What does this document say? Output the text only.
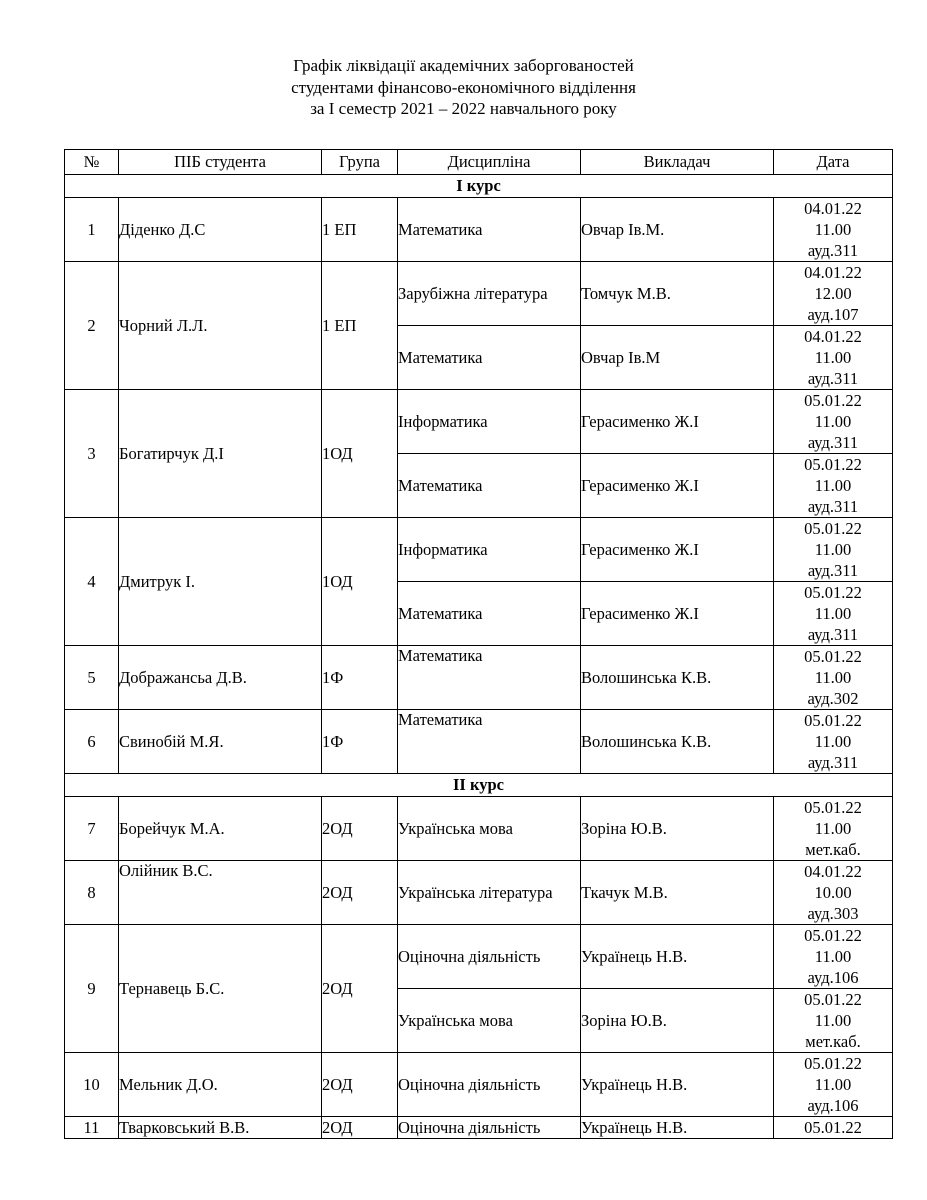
Графік ліквідації академічних заборгованостей
студентами фінансово-економічного відділення
за І семестр 2021 – 2022 навчального року
№	ПІБ студента	Група	Дисципліна	Викладач	Дата
І курс					
1	Діденко Д.С	1 ЕП	Математика	Овчар Ів.М.	04.01.22
11.00
ауд.311

2	Чорний Л.Л.	1 ЕП	Зарубіжна література	Томчук М.В.	04.01.22
12.00
ауд.107

			Математика	Овчар Ів.М	04.01.22
11.00
ауд.311

3	Богатирчук Д.І	1ОД	Інформатика	Герасименко Ж.І	05.01.22
11.00
ауд.311

			Математика	Герасименко Ж.І	05.01.22
11.00
ауд.311

4	Дмитрук І.	1ОД	Інформатика	Герасименко Ж.І	05.01.22
11.00
ауд.311

			Математика	Герасименко Ж.І	05.01.22
11.00
ауд.311

5	Дображансьа Д.В.	1Ф	Математика	Волошинська К.В.	05.01.22
11.00
ауд.302

6	Свинобій М.Я.	1Ф	Математика	Волошинська К.В.	05.01.22
11.00
ауд.311

ІІ курс					
7	Борейчук М.А.	2ОД	Українська мова	Зоріна Ю.В.	05.01.22
11.00
мет.каб.

8	Олійник В.С.	2ОД	Українська література	Ткачук М.В.	04.01.22
10.00
ауд.303

9	Тернавець Б.С.	2ОД	Оціночна діяльність	Українець Н.В.	05.01.22
11.00
ауд.106

			Українська мова	Зоріна Ю.В.	05.01.22
11.00
мет.каб.

10	Мельник Д.О.	2ОД	Оціночна діяльність	Українець Н.В.	05.01.22
11.00
ауд.106

11	Тварковський В.В.	2ОД	Оціночна діяльність	Українець Н.В.	05.01.22
